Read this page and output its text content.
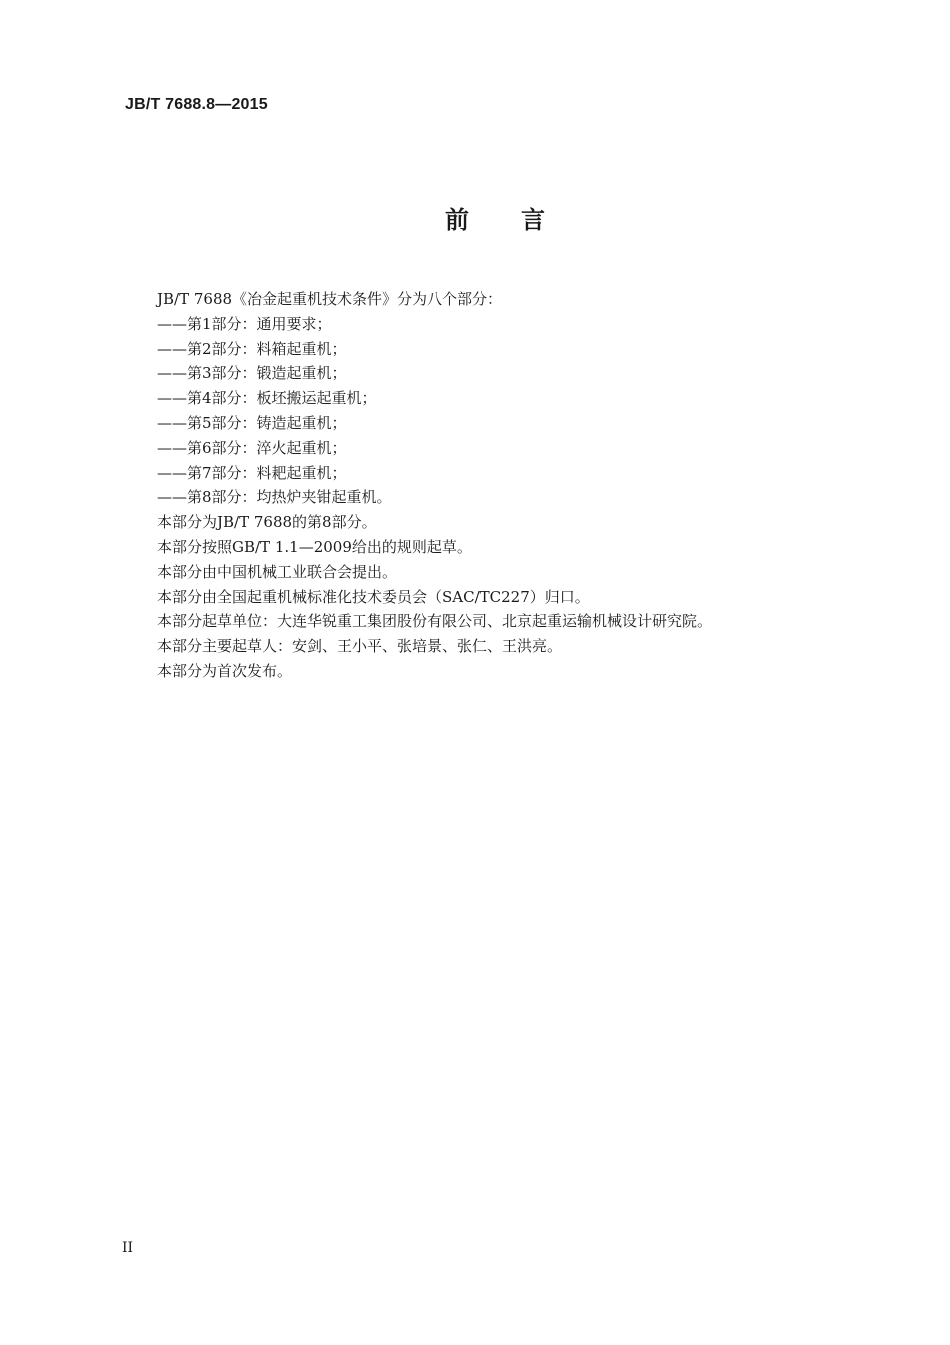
JB/T 7688.8—2015
前言
JB/T 7688《冶金起重机技术条件》分为八个部分：
——第1部分：通用要求；
——第2部分：料箱起重机；
——第3部分：锻造起重机；
——第4部分：板坯搬运起重机；
——第5部分：铸造起重机；
——第6部分：淬火起重机；
——第7部分：料耙起重机；
——第8部分：均热炉夹钳起重机。
本部分为JB/T 7688的第8部分。
本部分按照GB/T 1.1—2009给出的规则起草。
本部分由中国机械工业联合会提出。
本部分由全国起重机械标准化技术委员会（SAC/TC227）归口。
本部分起草单位：大连华锐重工集团股份有限公司、北京起重运输机械设计研究院。
本部分主要起草人：安剑、王小平、张培景、张仁、王洪亮。
本部分为首次发布。
II
